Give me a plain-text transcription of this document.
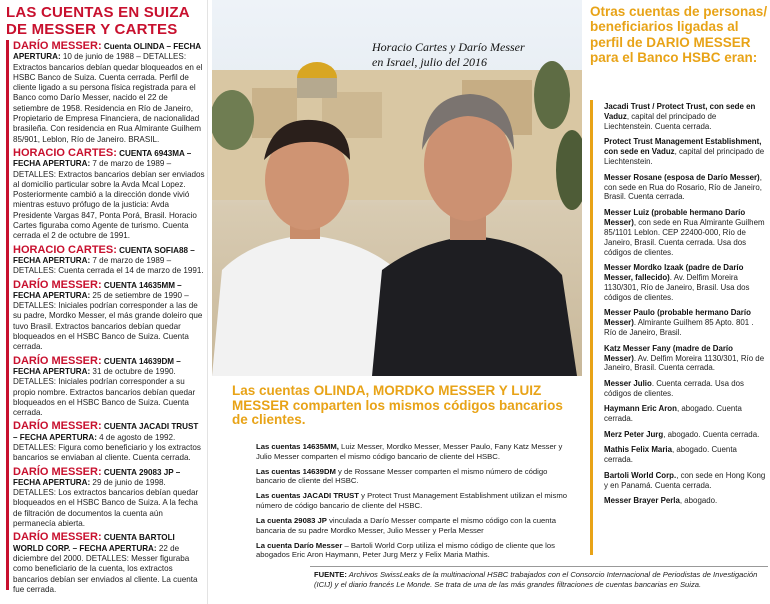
LAS CUENTAS EN SUIZA DE MESSER Y CARTES

DARÍO MESSER: Cuenta OLINDA – FECHA APERTURA: 10 de junio de 1988 – DETALLES: Extractos bancarios debían quedar bloqueados en el HSBC Banco de Suiza. Cuenta cerrada. Perfil de cliente ligado a su persona física registrada para el Banco como Darío Messer, nacido el 22 de setiembre de 1958. Residencia en Río de Janeiro, Propietario de Empresa Financiera, de nacionalidad brasileña. Con residencia en Rua Almirante Guilhem 85/901, Leblon, Río de Janeiro. BRASIL.

HORACIO CARTES: CUENTA 6943MA – FECHA APERTURA: 7 de marzo de 1989 – DETALLES: Extractos bancarios debían ser enviados al domicilio particular sobre la Avda Mcal Lopez. Posteriormente cambió a la dirección donde vivió mientras estuvo prófugo de la justicia: Avda Presidente Vargas 847, Ponta Porá, Brasil. Horacio Cartes figuraba como Agente de turismo. Cuenta cerrada el 2 de octubre de 1991.

HORACIO CARTES: CUENTA SOFIA88 – FECHA APERTURA: 7 de marzo de 1989 – DETALLES: Cuenta cerrada el 14 de marzo de 1991.

DARÍO MESSER: CUENTA 14635MM – FECHA APERTURA: 25 de setiembre de 1990 – DETALLES: Iniciales podrían corresponder a las de su padre, Mordko Messer, el más grande doleiro que tuvo Brasil. Extractos bancarios debían quedar bloqueados en el HSBC Banco de Suiza. Cuenta cerrada.

DARÍO MESSER: CUENTA 14639DM – FECHA APERTURA: 31 de octubre de 1990. DETALLES: Iniciales podrían corresponder a su propio nombre. Extractos bancarios debían quedar bloqueados en el HSBC Banco de Suiza. Cuenta cerrada.

DARÍO MESSER: CUENTA JACADI TRUST – FECHA APERTURA: 4 de agosto de 1992. DETALLES: Figura como beneficiario y los extractos bancarios se enviaban al cliente. Cuenta cerrada.

DARÍO MESSER: CUENTA 29083 JP – FECHA APERTURA: 29 de junio de 1998. DETALLES: Los extractos bancarios debían quedar bloqueados en el HSBC Banco de Suiza. A la fecha de filtración de documentos la cuenta aún permanecía abierta.

DARÍO MESSER: CUENTA BARTOLI WORLD CORP. – FECHA APERTURA: 22 de diciembre del 2000. DETALLES: Messer figuraba como beneficiario de la cuenta, los extractos bancarios debían ser enviados al cliente. La cuenta fue cerrada.

Horacio Cartes y Darío Messer
en Israel, julio del 2016
Las cuentas OLINDA, MORDKO MESSER Y LUIZ MESSER comparten los mismos códigos bancarios de clientes.

Las cuentas 14635MM, Luiz Messer, Mordko Messer, Messer Paulo, Fany Katz Messer y Julio Messer comparten el mismo código bancario de cliente del HSBC.

Las cuentas 14639DM y de Rossane Messer comparten el mismo número de código bancario de cliente del HSBC.

Las cuentas JACADI TRUST y Protect Trust Management Establishment utilizan el mismo número de código bancario de cliente del HSBC.

La cuenta 29083 JP vinculada a Darío Messer comparte el mismo código con la cuenta bancaria de su padre Mordko Messer, Julio Messer y Perla Messer

La cuenta Darío Messer – Bartoli World Corp utiliza el mismo código de cliente que los abogados Eric Aron Haymann, Peter Jurg Merz y Felix Maria Mathis.

Otras cuentas de personas/ beneficiarios ligadas al perfil de DARIO MESSER para el Banco HSBC eran:

Jacadi Trust / Protect Trust, con sede en Vaduz, capital del principado de Liechtenstein. Cuenta cerrada.

Protect Trust Management Establishment, con sede en Vaduz, capital del principado de Liechtenstein.

Messer Rosane (esposa de Darío Messer), con sede en Rua do Rosario, Río de Janeiro, Brasil. Cuenta cerrada.

Messer Luiz (probable hermano Darío Messer), con sede en Rua Almirante Guilhem 85/1101 Leblon. CEP 22400-000, Río de Janeiro, Brasil. Cuenta cerrada. Usa dos códigos de clientes.

Messer Mordko Izaak (padre de Darío Messer, fallecido). Av. Delfim Moreira 1130/301, Río de Janeiro, Brasil. Usa dos códigos de clientes.

Messer Paulo (probable hermano Darío Messer). Almirante Guilhem 85 Apto. 801 . Río de Janeiro, Brasil.

Katz Messer Fany (madre de Darío Messer). Av. Delfim Moreira 1130/301, Río de Janeiro, Brasil. Cuenta cerrada.

Messer Julio. Cuenta cerrada. Usa dos códigos de clientes.

Haymann Eric Aron, abogado. Cuenta cerrada.

Merz Peter Jurg, abogado. Cuenta cerrada.

Mathis Felix Maria, abogado. Cuenta cerrada.

Bartoli World Corp., con sede en Hong Kong y en Panamá. Cuenta cerrada.

Messer Brayer Perla, abogado.

FUENTE: Archivos SwissLeaks de la multinacional HSBC trabajados con el Consorcio Internacional de Periodistas de Investigación (ICIJ) y el diario francés Le Monde. Se trata de una de las más grandes filtraciones de cuentas bancarias en Suiza.
